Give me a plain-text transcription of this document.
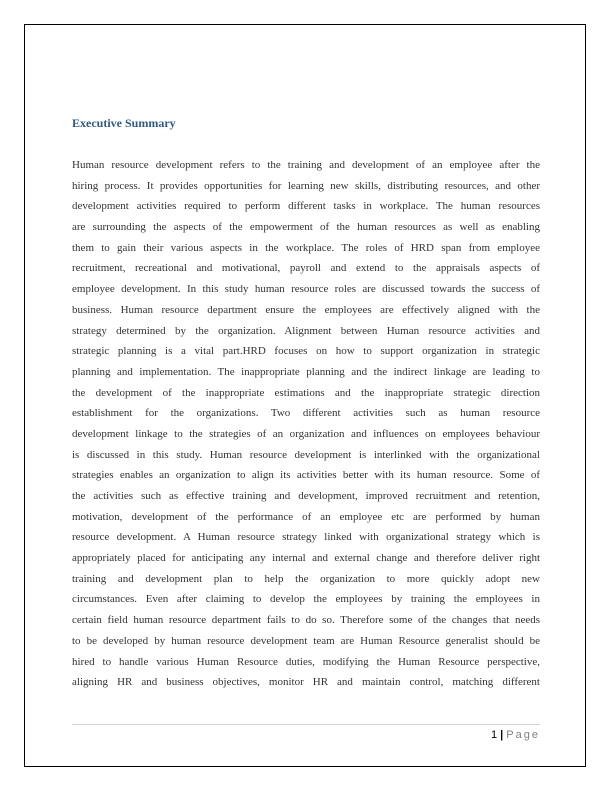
Executive Summary
Human resource development refers to the training and development of an employee after the
hiring process. It provides opportunities for learning new skills, distributing resources, and other
development activities required to perform different tasks in workplace. The human resources
are surrounding the aspects of the empowerment of the human resources as well as enabling
them to gain their various aspects in the workplace. The roles of HRD span from employee
recruitment, recreational and motivational, payroll and extend to the appraisals aspects of
employee development. In this study human resource roles are discussed towards the success of
business. Human resource department ensure the employees are effectively aligned with the
strategy determined by the organization. Alignment between Human resource activities and
strategic planning is a vital part.HRD focuses on how to support organization in strategic
planning and implementation. The inappropriate planning and the indirect linkage are leading to
the development of the inappropriate estimations and the inappropriate strategic direction
establishment for the organizations. Two different activities such as human resource
development linkage to the strategies of an organization and influences on employees behaviour
is discussed in this study. Human resource development is interlinked with the organizational
strategies enables an organization to align its activities better with its human resource. Some of
the activities such as effective training and development, improved recruitment and retention,
motivation, development of the performance of an employee etc are performed by human
resource development. A Human resource strategy linked with organizational strategy which is
appropriately placed for anticipating any internal and external change and therefore deliver right
training and development plan to help the organization to more quickly adopt new
circumstances. Even after claiming to develop the employees by training the employees in
certain field human resource department fails to do so. Therefore some of the changes that needs
to be developed by human resource development team are Human Resource generalist should be
hired to handle various Human Resource duties, modifying the Human Resource perspective,
aligning HR and business objectives, monitor HR and maintain control, matching different
1 | Page
